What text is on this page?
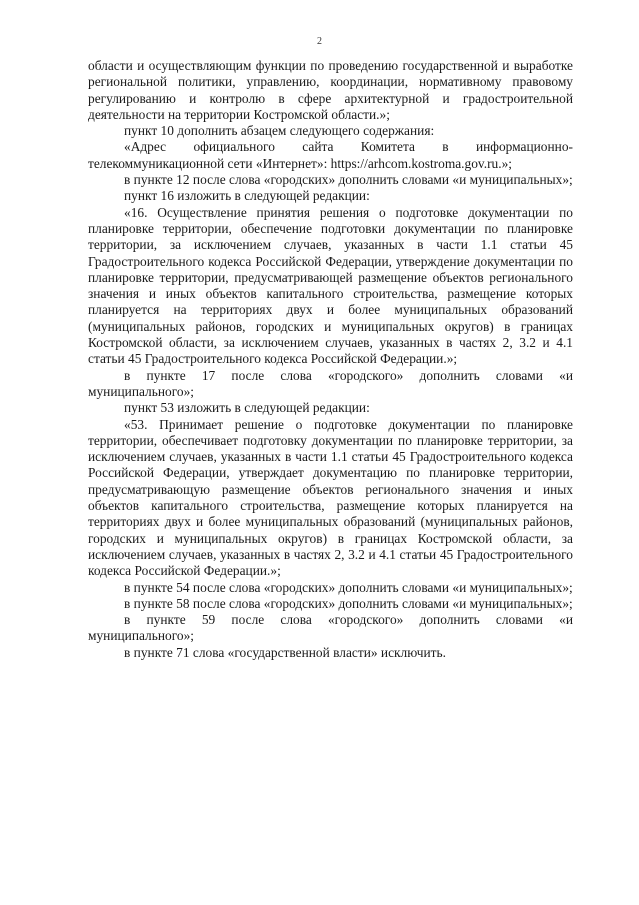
2

области и осуществляющим функции по проведению государственной и выработке региональной политики, управлению, координации, нормативному правовому регулированию и контролю в сфере архитектурной и градостроительной деятельности на территории Костромской области.»;

пункт 10 дополнить абзацем следующего содержания:

«Адрес официального сайта Комитета в информационно-телекоммуникационной сети «Интернет»: https://arhcom.kostroma.gov.ru.»;

в пункте 12 после слова «городских» дополнить словами «и муниципальных»;

пункт 16 изложить в следующей редакции:

«16. Осуществление принятия решения о подготовке документации по планировке территории, обеспечение подготовки документации по планировке территории, за исключением случаев, указанных в части 1.1 статьи 45 Градостроительного кодекса Российской Федерации, утверждение документации по планировке территории, предусматривающей размещение объектов регионального значения и иных объектов капитального строительства, размещение которых планируется на территориях двух и более муниципальных образований (муниципальных районов, городских и муниципальных округов) в границах Костромской области, за исключением случаев, указанных в частях 2, 3.2 и 4.1 статьи 45 Градостроительного кодекса Российской Федерации.»;

в пункте 17 после слова «городского» дополнить словами «и муниципального»;

пункт 53 изложить в следующей редакции:

«53. Принимает решение о подготовке документации по планировке территории, обеспечивает подготовку документации по планировке территории, за исключением случаев, указанных в части 1.1 статьи 45 Градостроительного кодекса Российской Федерации, утверждает документацию по планировке территории, предусматривающую размещение объектов регионального значения и иных объектов капитального строительства, размещение которых планируется на территориях двух и более муниципальных образований (муниципальных районов, городских и муниципальных округов) в границах Костромской области, за исключением случаев, указанных в частях 2, 3.2 и 4.1 статьи 45 Градостроительного кодекса Российской Федерации.»;

в пункте 54 после слова «городских» дополнить словами «и муниципальных»;

в пункте 58 после слова «городских» дополнить словами «и муниципальных»;

в пункте 59 после слова «городского» дополнить словами «и муниципального»;

в пункте 71 слова «государственной власти» исключить.
